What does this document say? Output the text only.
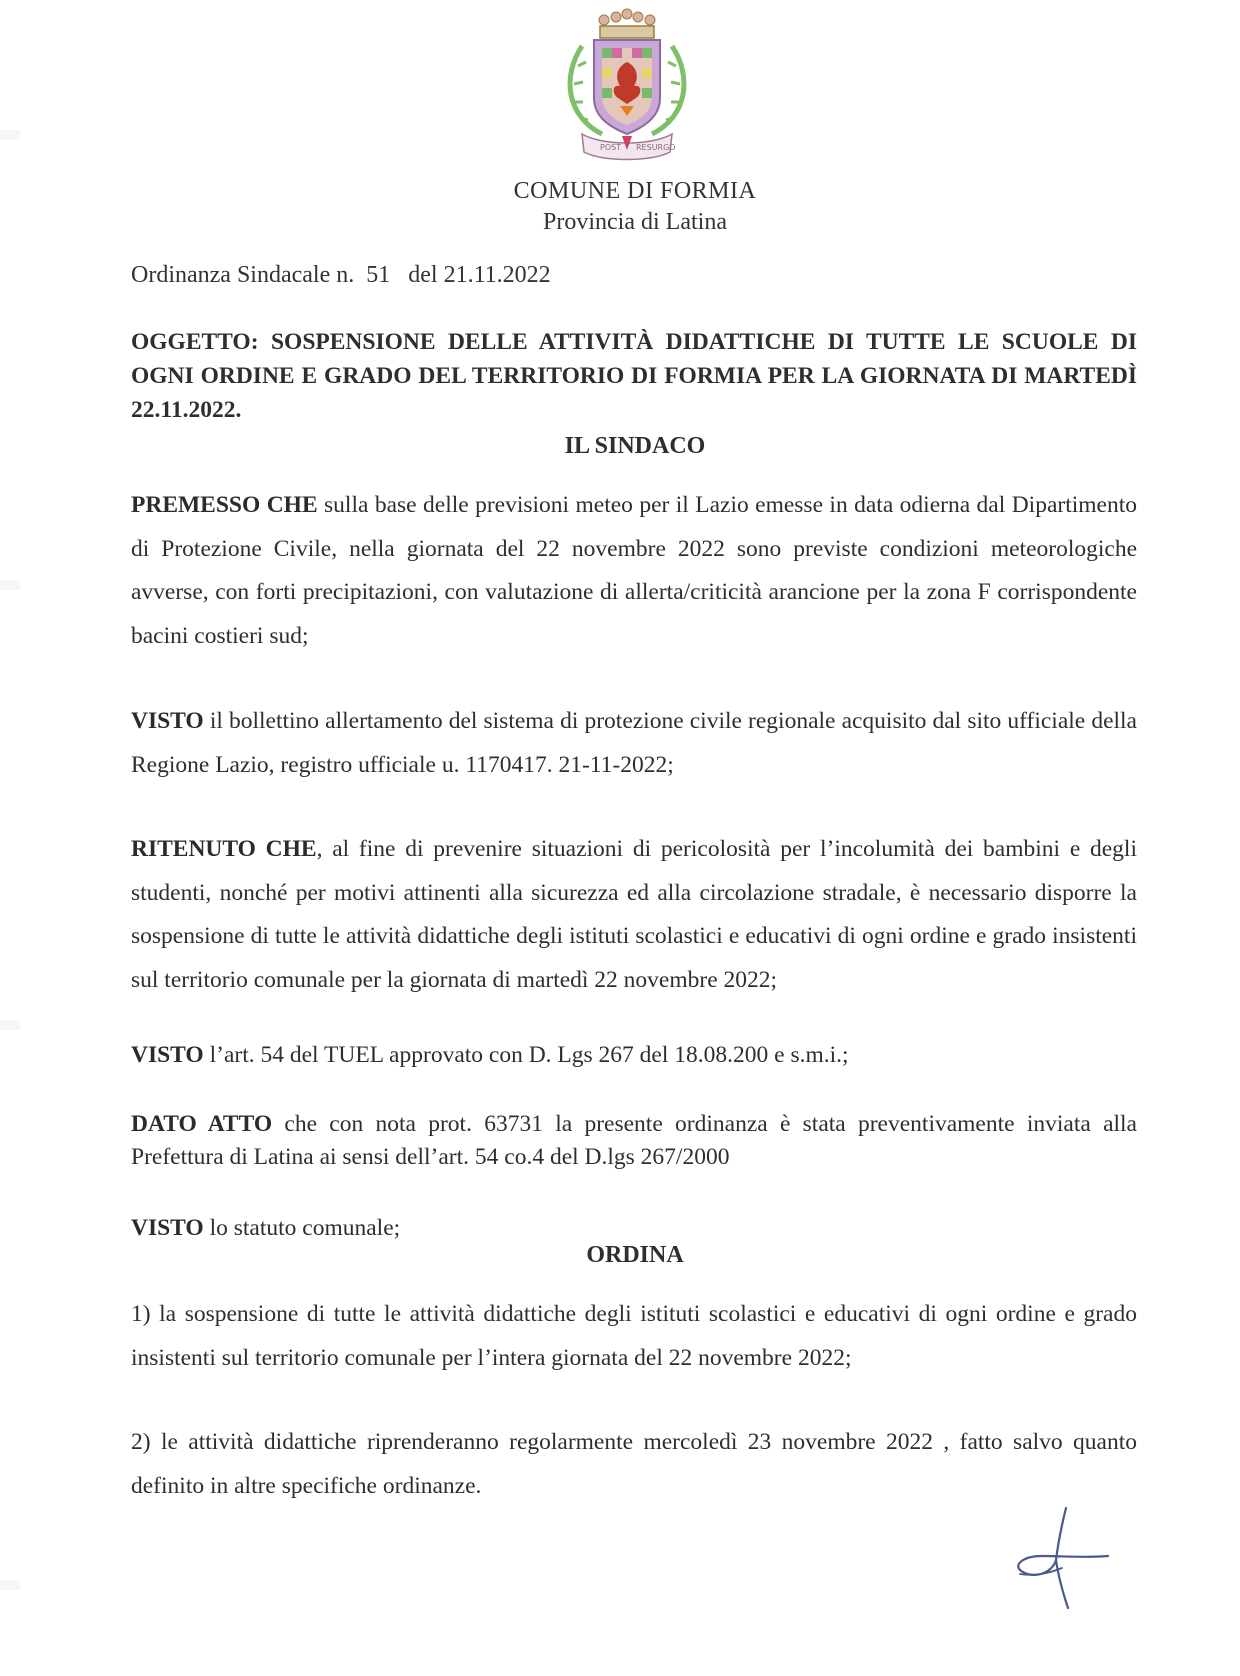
POST RESURGO
COMUNE DI FORMIA
Provincia di Latina
Ordinanza Sindacale n. 51 del 21.11.2022
OGGETTO: SOSPENSIONE DELLE ATTIVITÀ DIDATTICHE DI TUTTE LE SCUOLE DI OGNI ORDINE E GRADO DEL TERRITORIO DI FORMIA PER LA GIORNATA DI MARTEDÌ 22.11.2022.
IL SINDACO
PREMESSO CHE sulla base delle previsioni meteo per il Lazio emesse in data odierna dal Dipartimento di Protezione Civile, nella giornata del 22 novembre 2022 sono previste condizioni meteorologiche avverse, con forti precipitazioni, con valutazione di allerta/criticità arancione per la zona F corrispondente bacini costieri sud;
VISTO il bollettino allertamento del sistema di protezione civile regionale acquisito dal sito ufficiale della Regione Lazio, registro ufficiale u. 1170417. 21-11-2022;
RITENUTO CHE, al fine di prevenire situazioni di pericolosità per l’incolumità dei bambini e degli studenti, nonché per motivi attinenti alla sicurezza ed alla circolazione stradale, è necessario disporre la sospensione di tutte le attività didattiche degli istituti scolastici e educativi di ogni ordine e grado insistenti sul territorio comunale per la giornata di martedì 22 novembre 2022;
VISTO l’art. 54 del TUEL approvato con D. Lgs 267 del 18.08.200 e s.m.i.;
DATO ATTO che con nota prot. 63731 la presente ordinanza è stata preventivamente inviata alla Prefettura di Latina ai sensi dell’art. 54 co.4 del D.lgs 267/2000
VISTO lo statuto comunale;
ORDINA
1) la sospensione di tutte le attività didattiche degli istituti scolastici e educativi di ogni ordine e grado insistenti sul territorio comunale per l’intera giornata del 22 novembre 2022;
2) le attività didattiche riprenderanno regolarmente mercoledì 23 novembre 2022 , fatto salvo quanto definito in altre specifiche ordinanze.
